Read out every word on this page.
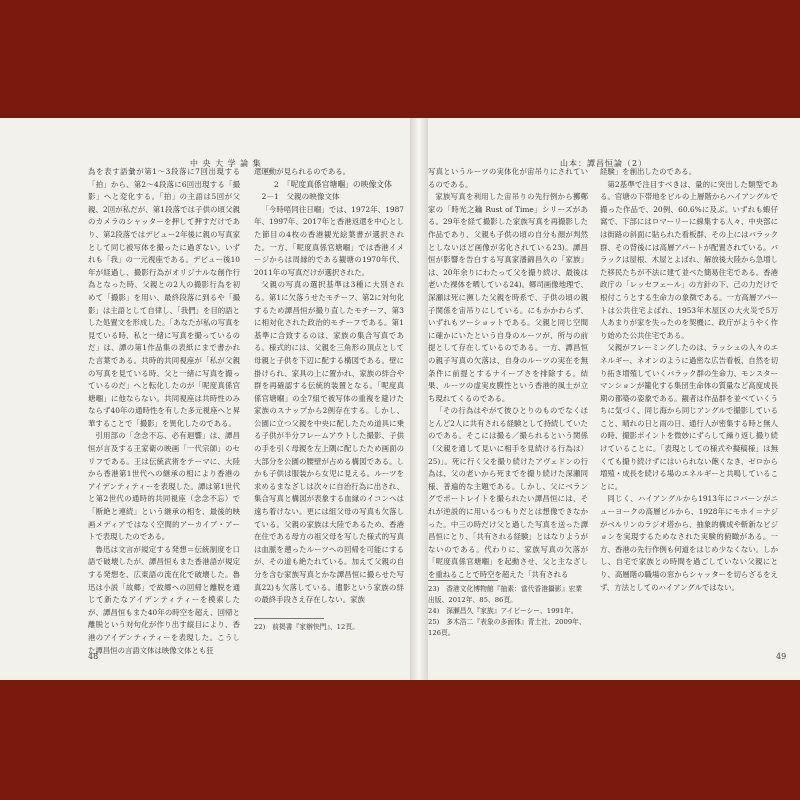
中 央 大 学 論 集

為を表す語彙が第1〜3段落に7回出現する「拍」から、第2〜4段落に6回出現する「撮影」へと変化する。「拍」の主語は5回が父親、2回が私だが、第1段落では子供の頃父親のカメラのシャッターを押して押すだけであり、第2段落ではデビュー2年後に親の写真家として同じ被写体を撮ったに過ぎない。いずれも「我」の一元視座である。デビュー後10年が経過し、撮影行為がオリジナルな創作行為となった時、父親との2人の撮影行為を初めて「撮影」を用い、最終段落に到るや「撮影」は主語として自律し、「我們」を目的語とした処置文を形成した。「あなたが私の写真を見ている時、私と一緒に写真を撮っているのだ」は、譚の第1作品集の表紙にまで書かれた言葉である。共時的共同視座が「私が父親の写真を見ている時、父と一緒に写真を撮っているのだ」へと転化したのが「呢度真係官塘嗰」に他ならない。共同視座は共時性のみならず40年の通時性を有した多元視座へと昇華することで「撮影」を異化したのである。

引用部の「念念不忘、必有迴響」は、譚昌恒が言及する王家衛の映画「一代宗師」のセリフである。王は伝統武術をテーマに、大陸から香港第1世代への継承の相により香港のアイデンティティーを表現した。譚は第1世代と第2世代の通時的共同視座（念念不忘）で「断絶と連続」という継承の相を、最後的映画メディアではなく空間的アーカイブ・アートで表現したのである。

魯迅は文言が規定する発想＝伝統制度を口語で破壊したが、譚昌恒もまた香港語が規定する発想を、広東語の流在化で破壊した。魯迅は小説「故郷」で故郷への回帰と離脱を通じて新たなアイデンティティーを模索したが、譚昌恒もまた40年の時空を超え、回帰と離脱という対句化が作り出す縦目により、香港のアイデンティティーを表現した。こうした譚昌恒の言語文体は映像文体とも狂

還運動が見られるのである。

2　「呢度真係官塘嗰」の映像文体

2－1　父親の映像文体

「今時唔同往日嗰」では、1972年、1987年、1997年、2017年と香港返還を中心とした節目の4枚の香港観光絵葉書が選択された。一方、「呢度真係官塘嗰」では香港イメージからは周縁的である観塘の1970年代、2011年の写真だけが選択された。

父親の写真の選択基準は3種に大別される。第1に欠落うせたモチーフ、第2に対句化するため譚昌恒が撮り直したモチーフ、第3に相対化された政治的モチーフである。第1基準に合致するのは、家族の集合写真である。様式的には、父親を三角形の頂点として母親と子供を下辺に配する構図である。壁に掛けられ、家具の上に置かれ、家族の絆合や群を再確認する伝統的装置となる。「呢度真係官塘嗰」の全7組で被写体の重複を避けた家族のスナップから2例存在する。しかし、公園に立つ父親を中央に配したため道具に乗る子供が半分フレームアウトした撮影、子供の手を引く母親を左上隅に配したため画面の大部分を公園の腰壁が占める構図である。しかも子供は服装から女児に見える。ルーツを求めるまなざしは次々に自治行為に出され、集合写真と構図が表象する血縁のイコンへは遠ち着けない。更には組父母の写真も欠落している。父親の家族は大陸であるため、香港在住である母方の祖父母を写した様式的写真は血脈を遡ったルーツへの回帰を可能にするが、その道も絶たれている。加えて父親の自分を含む家族写真とかな譚昌恒に撮らせた写真22)も欠落している。遺影という家族の絆の最終手段さえ存在しない。家族

22)　前掲書『家辦快門』、12頁。
48
山本：譚昌恒論（2）

写真というルーツの実体化が宙吊りにされているのである。

家族写真を利用した宙吊りの先行例から擲鄭家の「時光之鑰 Rust of Time」シリーズがある。29年を経て撮影した家族写真を再撮影した作品であり、父親も子供の頃の自分も顔が判然としないほど画像が劣化されている23)。譚昌恒が影響を告白する写真家潘錦昌久の「家族」は、20年余りにわたって父を撮り続け、最後は老いた裸体を晒している24)。郷司画像地理で、深瀬は死に瀕した父親を時系で、子供の頃の親子関係を宙吊りにしている。にもかかわらず、いずれもツーショットである。父親と同じ空間に確かにいたという自身のルーツが、所与の前提として存在しているのである。一方、譚昌恒の親子写真の欠落は、自身のルーツの実在を無条件に前提とするナイーブさを排除する。結果、ルーツの虚実皮膜性という香港的風土が立ち現れてくるのである。

「その行為はやがて彼ひとりのものでなくほとんど2人に共有される経験として持続していたのである。そこには撮る／撮られるという関係（父親を通して見いに相手を見続ける行為は）25)」。死に行く父を撮り続けたアヴェドンの行為は、父の老いから死までを撮り続けた深瀬同様、普遍的な主題である。しかし、父にベラングでポートレイトを撮られたい譚昌恒には、それが逆説的に用いるつもりだとは想像できなかった。中三の時だけ父と過した写真を送った譚昌恒にとり、「共有される経験」とはなりようがないのである。代わりに、家族写真の欠落が「呢度真係官塘嗰」を起動させ、父と主なざしを重ねることで時空を超えた「共有される

経験」を創出したのである。

第2基準で注目すべきは、量的に突出した類型である。官塘の下帯地をビルの上層階からハイアングルで撮った作品で、20例、60.6%に及ぶ。いずれも蝦仔窩で、下部にはロマーリーに線集する人々、中央部には街路の斜面に貼られた看板群、その上にはバラック群、その背後には高層アパートが配置されている。バラックは屋根、木屋とよばれ、解放後大陸から急増した移民たちが不法に建て並べた簡易住宅である。香港政庁の「レッセフェール」の方針の下、己の力だけで根付こうとする生命力の象徴である。一方高層アパートは公共住宅よばれ、1953年木屋区の大火災で5万人あまりが家を失ったのを契機に、政庁がようやく作り始めた公共住宅である。

父親がフレーミングしたのは、ラッシュの人々のエネルギー、ネオンのように過密な広告看板、自然を切り拓き増殖していくバラック群の生命力、モンスターマンションが籠化する集団生命体の質量など高度成長期の都築の姿象である。観者は作品群を並べていくうちに気づく、同じ海から同じアングルで撮影していること、晴れの日と雨の日、通行人が密集する時と無人の時、撮影ポイントを微妙にずらして繰り返し撮り続けていることに。「表現としての様式や擬稿様」は無くても撮り続けずにはいられない飽くなき、ゼロから増殖・成長を続ける場のエネルギーと共鳴していることに。

同じく、ハイアングルから1913年にコバーンがニューヨークの高層ビルから、1928年にモホイ＝ナジがベルリンのラジオ塔から、抽象的構成や斬新なビジョンを実現するためなされた実験的俯瞰がある。一方、香港の先行作例も何道をはじめ少なくない。しかし、自宅で家族との時間を過ごしていない父親にとり、高層階の職場の窓からシャッターを切らざるをえず、方法としてのハイアングルではない。

23)　香港文化博物館『抽素：當代香港攝影』宏業出版、2012年、85、86頁。
24)　深瀬昌久『家族』アイピーシー、1991年。
25)　多木浩二『表象の多面体』青土社、2009年、126頁。
49
